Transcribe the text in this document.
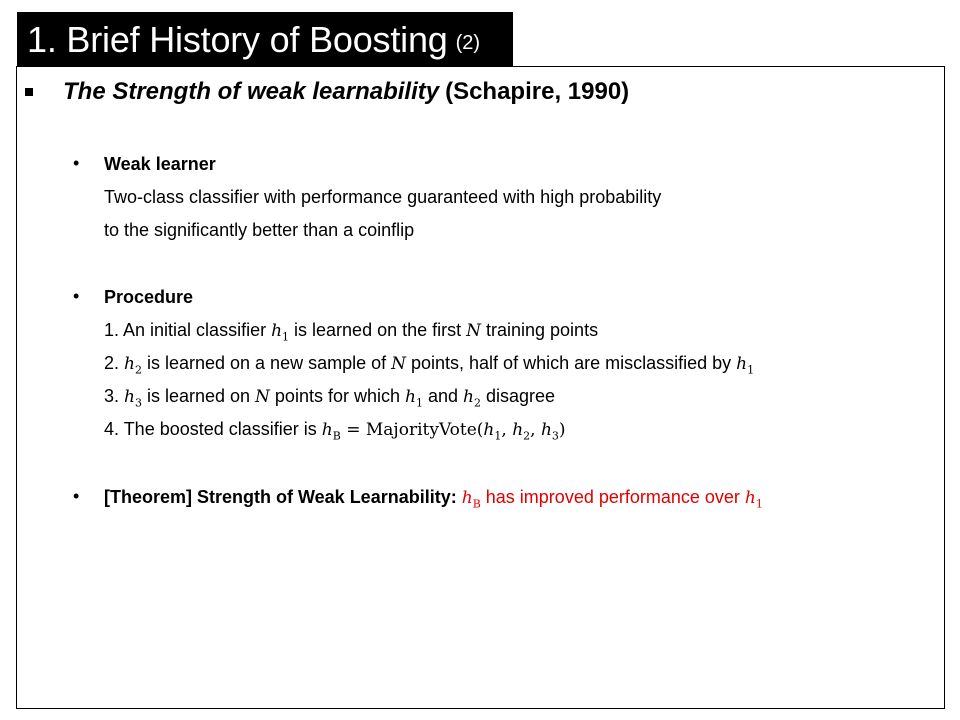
1. Brief History of Boosting (2)
The Strength of weak learnability (Schapire, 1990)
• Weak learner
Two-class classifier with performance guaranteed with high probability
to the significantly better than a coinflip
• Procedure
1. An initial classifier $h_1$ is learned on the first N training points
2. $h_2$ is learned on a new sample of N points, half of which are misclassified by $h_1$
3. $h_3$ is learned on N points for which $h_1$ and $h_2$ disagree
4. The boosted classifier is $h_B$ = $MajorityVote(h_1$, $h_2$, $h_3$)
• [Theorem] Strength of Weak Learnability: $h_B$ has improved performance over $h_1$
